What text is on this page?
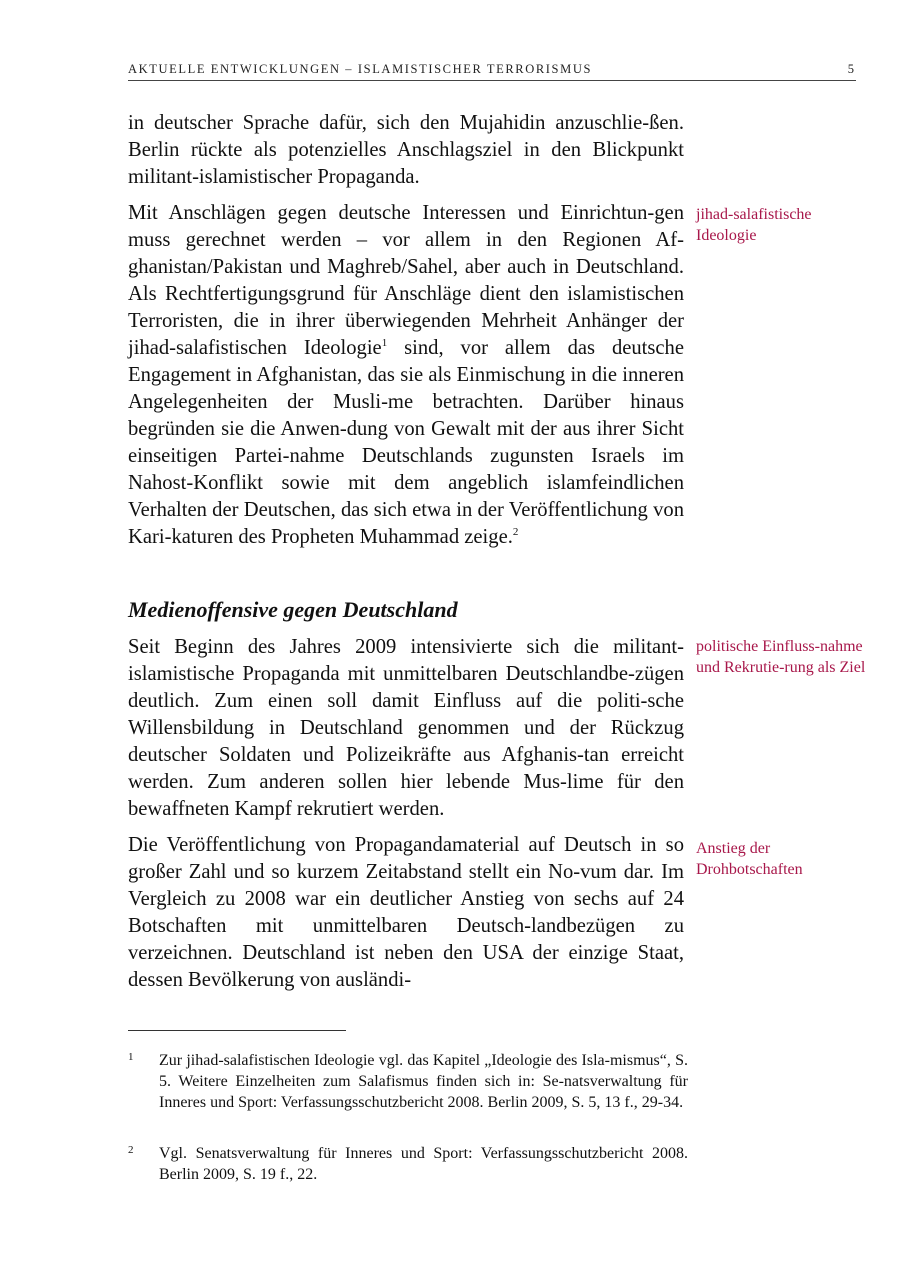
AKTUELLE ENTWICKLUNGEN – ISLAMISTISCHER TERRORISMUS	5

in deutscher Sprache dafür, sich den Mujahidin anzuschlie-ßen. Berlin rückte als potenzielles Anschlagsziel in den Blickpunkt militant-islamistischer Propaganda.

Mit Anschlägen gegen deutsche Interessen und Einrichtun-gen muss gerechnet werden – vor allem in den Regionen Af-ghanistan/Pakistan und Maghreb/Sahel, aber auch in Deutschland. Als Rechtfertigungsgrund für Anschläge dient den islamistischen Terroristen, die in ihrer überwiegenden Mehrheit Anhänger der jihad-salafistischen Ideologie$^1$ sind, vor allem das deutsche Engagement in Afghanistan, das sie als Einmischung in die inneren Angelegenheiten der Musli-me betrachten. Darüber hinaus begründen sie die Anwen-dung von Gewalt mit der aus ihrer Sicht einseitigen Partei-nahme Deutschlands zugunsten Israels im Nahost-Konflikt sowie mit dem angeblich islamfeindlichen Verhalten der Deutschen, das sich etwa in der Veröffentlichung von Kari-katuren des Propheten Muhammad zeige.$^2$

jihad-salafistische Ideologie
Medienoffensive gegen Deutschland

Seit Beginn des Jahres 2009 intensivierte sich die militant-islamistische Propaganda mit unmittelbaren Deutschlandbe-zügen deutlich. Zum einen soll damit Einfluss auf die politi-sche Willensbildung in Deutschland genommen und der Rückzug deutscher Soldaten und Polizeikräfte aus Afghanis-tan erreicht werden. Zum anderen sollen hier lebende Mus-lime für den bewaffneten Kampf rekrutiert werden.

politische Einfluss-nahme und Rekrutie-rung als Ziel

Die Veröffentlichung von Propagandamaterial auf Deutsch in so großer Zahl und so kurzem Zeitabstand stellt ein No-vum dar. Im Vergleich zu 2008 war ein deutlicher Anstieg von sechs auf 24 Botschaften mit unmittelbaren Deutsch-landbezügen zu verzeichnen. Deutschland ist neben den USA der einzige Staat, dessen Bevölkerung von ausländi-

Anstieg der Drohbotschaften
1 Zur jihad-salafistischen Ideologie vgl. das Kapitel „Ideologie des Isla-mismus“, S. 5. Weitere Einzelheiten zum Salafismus finden sich in: Se-natsverwaltung für Inneres und Sport: Verfassungsschutzbericht 2008. Berlin 2009, S. 5, 13 f., 29-34.
2 Vgl. Senatsverwaltung für Inneres und Sport: Verfassungsschutzbericht 2008. Berlin 2009, S. 19 f., 22.
